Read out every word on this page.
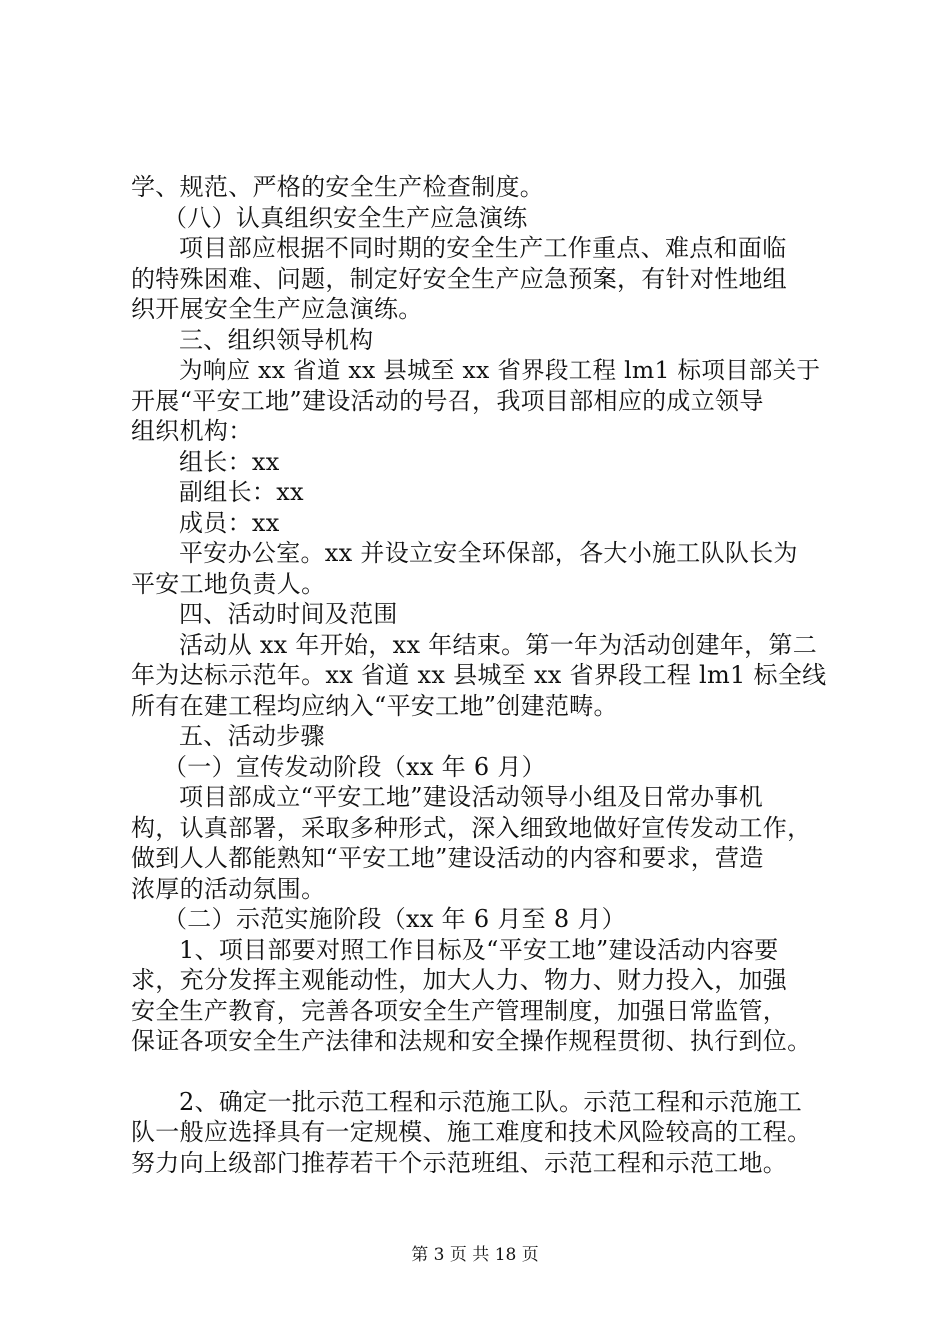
学、规范、严格的安全生产检查制度。
（八）认真组织安全生产应急演练
项目部应根据不同时期的安全生产工作重点、难点和面临
的特殊困难、问题，制定好安全生产应急预案，有针对性地组
织开展安全生产应急演练。
三、组织领导机构
为响应 xx 省道 xx 县城至 xx 省界段工程 lm1 标项目部关于
开展“平安工地”建设活动的号召，我项目部相应的成立领导
组织机构：
组长：xx
副组长：xx
成员：xx
平安办公室。xx 并设立安全环保部，各大小施工队队长为
平安工地负责人。
四、活动时间及范围
活动从 xx 年开始，xx 年结束。第一年为活动创建年，第二
年为达标示范年。xx 省道 xx 县城至 xx 省界段工程 lm1 标全线
所有在建工程均应纳入“平安工地”创建范畴。
五、活动步骤
（一）宣传发动阶段（xx 年 6 月）
项目部成立“平安工地”建设活动领导小组及日常办事机
构，认真部署，采取多种形式，深入细致地做好宣传发动工作，
做到人人都能熟知“平安工地”建设活动的内容和要求，营造
浓厚的活动氛围。
（二）示范实施阶段（xx 年 6 月至 8 月）
1、项目部要对照工作目标及“平安工地”建设活动内容要
求，充分发挥主观能动性，加大人力、物力、财力投入，加强
安全生产教育，完善各项安全生产管理制度，加强日常监管，
保证各项安全生产法律和法规和安全操作规程贯彻、执行到位。
2、确定一批示范工程和示范施工队。示范工程和示范施工
队一般应选择具有一定规模、施工难度和技术风险较高的工程。
努力向上级部门推荐若干个示范班组、示范工程和示范工地。
第 3 页 共 18 页
